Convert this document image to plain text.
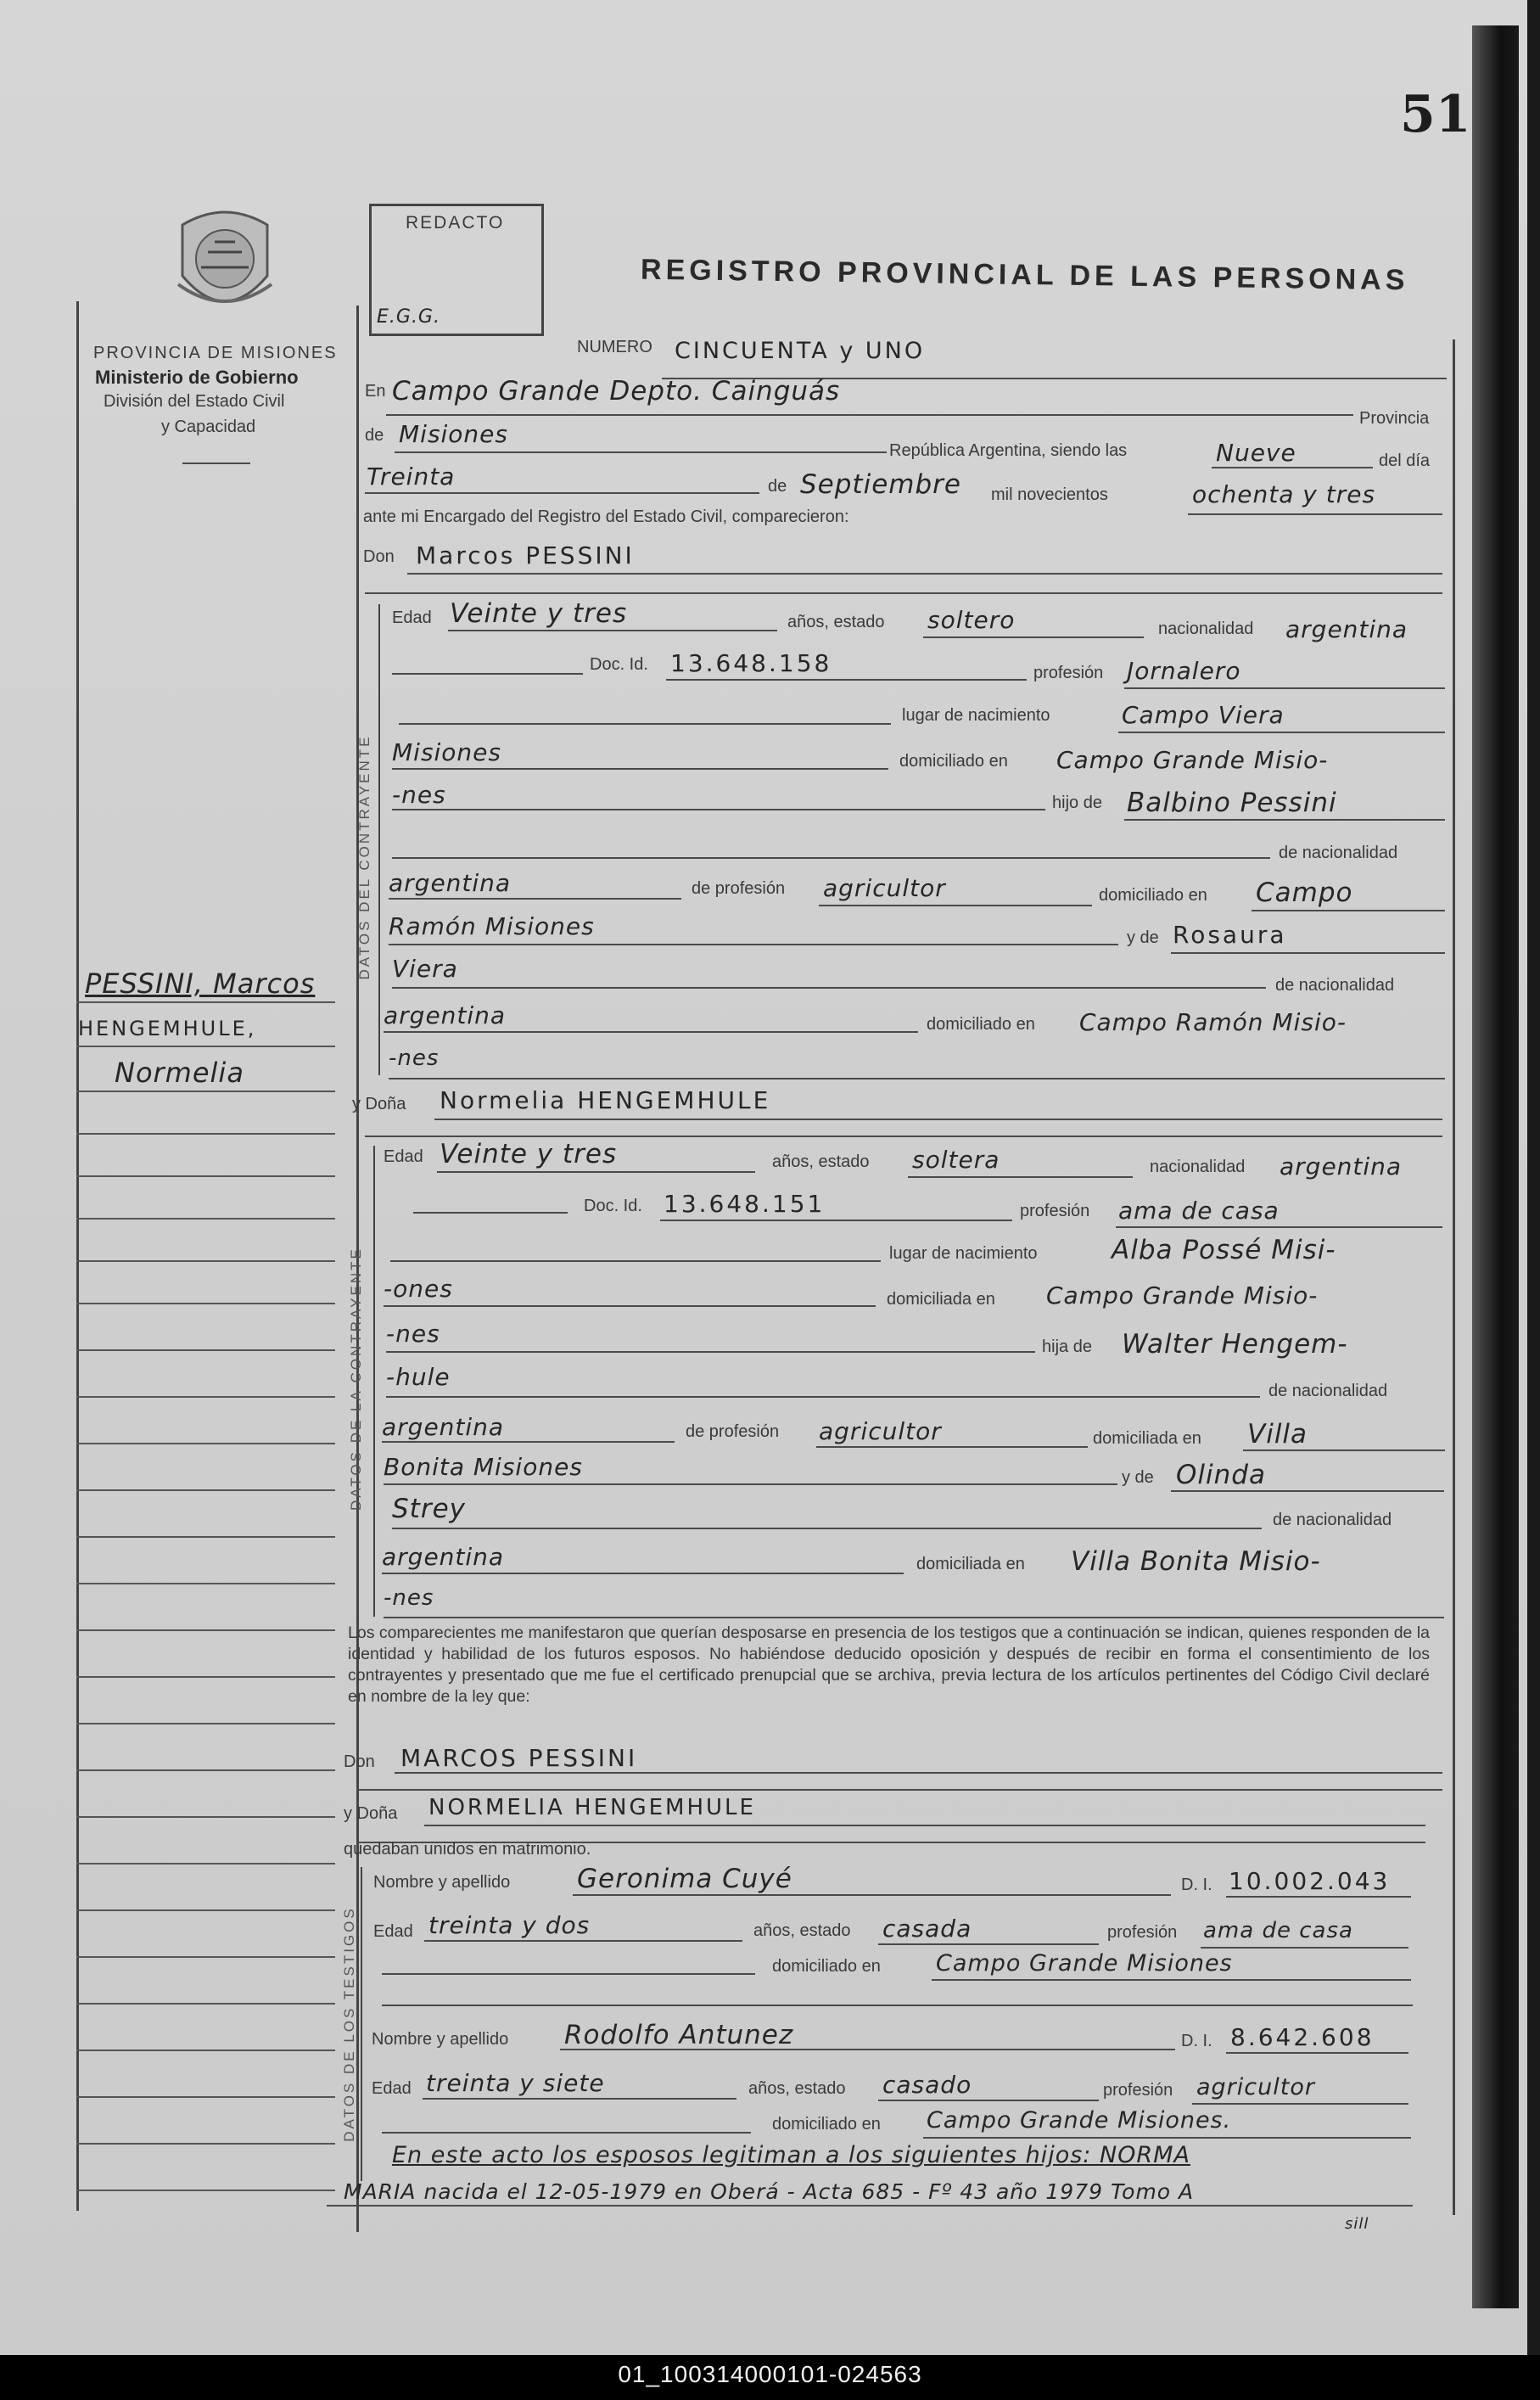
01_100314000101-024563
51
PROVINCIA DE MISIONES
Ministerio de Gobierno
División del Estado Civil
y Capacidad
REDACTO
E.G.G.
REGISTRO PROVINCIAL DE LAS PERSONAS
PESSINI, Marcos
HENGEMHULE,
Normelia
NUMERO CINCUENTA y UNO
En Campo Grande Depto. Cainguás
Provincia
de Misiones
República Argentina, siendo las	Nueve	del día
Treinta	de Septiembre mil novecientos	ochenta y tres
ante mi Encargado del Registro del Estado Civil, comparecieron:
Don Marcos PESSINI
DATOS DEL CONTRAYENTE
Edad Veinte y tres	años, estado soltero	nacionalidad argentina
Doc. Id. 13.648.158	profesión Jornalero
lugar de nacimiento	Campo Viera
Misiones	domiciliado en Campo Grande Misio-
-nes	hijo de Balbino Pessini
de nacionalidad
argentina	de profesión agricultor	domiciliado en Campo
Ramón Misiones	y de Rosaura
Viera
de nacionalidad
argentina	domiciliado en Campo Ramón Misio-
-nes
y Doña Normelia HENGEMHULE
DATOS DE LA CONTRAYENTE
Edad Veinte y tres	años, estado soltera	nacionalidad argentina
Doc. Id. 13.648.151	profesión ama de casa
lugar de nacimiento	Alba Possé Misi-
-ones	domiciliada en Campo Grande Misio-
-nes	hija de Walter Hengem-
-hule	de nacionalidad
argentina	de profesión agricultor	domiciliada en Villa
Bonita Misiones	y de Olinda
Strey	de nacionalidad
argentina	domiciliada en Villa Bonita Misio-
-nes
Los comparecientes me manifestaron que querían desposarse en presencia de los testigos que a continuación se indican, quienes responden de la identidad y habilidad de los futuros esposos. No habiéndose deducido oposición y después de recibir en forma el consentimiento de los contrayentes y presentado que me fue el certificado prenupcial que se archiva, previa lectura de los artículos pertinentes del Código Civil declaré en nombre de la ley que:
Don MARCOS PESSINI
y Doña NORMELIA HENGEMHULE
quedaban unidos en matrimonio.
DATOS DE LOS TESTIGOS
Nombre y apellido	Geronima Cuyé	D. I. 10.002.043
Edad treinta y dos	años, estado casada	profesión ama de casa
domiciliado en Campo Grande Misiones
Nombre y apellido Rodolfo Antunez	D. I. 8.642.608
Edad treinta y siete	años, estado casado	profesión agricultor
domiciliado en Campo Grande Misiones.
En este acto los esposos legitiman a los siguientes hijos: NORMA
MARIA nacida el 12-05-1979 en Oberá - Acta 685 - Fº 43 año 1979 Tomo A
sill
